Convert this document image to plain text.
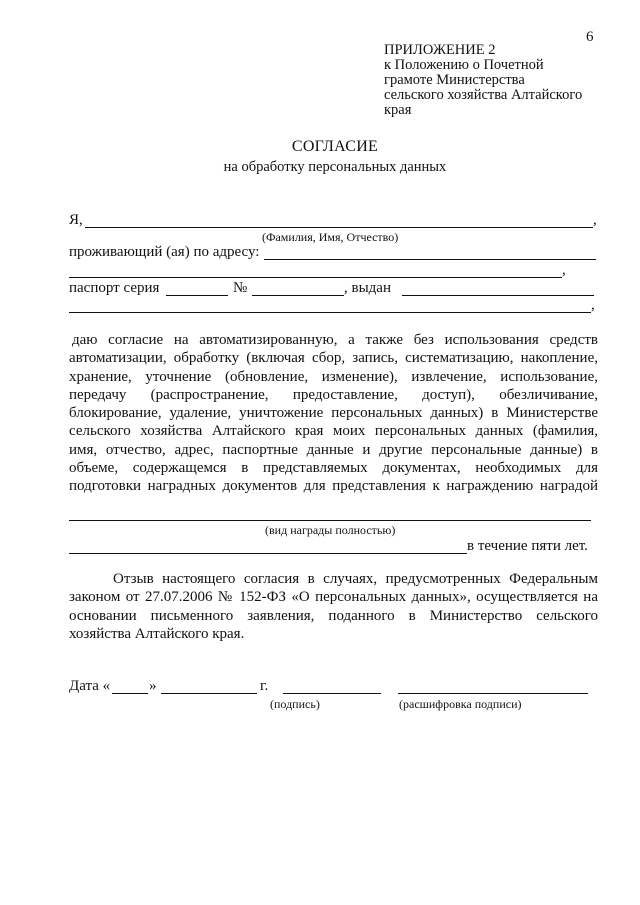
6
ПРИЛОЖЕНИЕ 2
к Положению о Почетной
грамоте Министерства
сельского хозяйства Алтайского
края
СОГЛАСИЕ
на обработку персональных данных
Я,	,
(Фамилия, Имя, Отчество)
проживающий (ая) по адресу:
,
паспорт серия	№	, выдан
,
даю согласие на автоматизированную, а также без использования средств
автоматизации, обработку (включая сбор, запись, систематизацию, накопление,
хранение, уточнение (обновление, изменение), извлечение, использование,
передачу (распространение, предоставление, доступ), обезличивание,
блокирование, удаление, уничтожение персональных данных) в Министерстве
сельского хозяйства Алтайского края моих персональных данных (фамилия,
имя, отчество, адрес, паспортные данные и другие персональные данные) в
объеме, содержащемся в представляемых документах, необходимых для
подготовки наградных документов для представления к награждению наградой
(вид награды полностью)
в течение пяти лет.
Отзыв настоящего согласия в случаях, предусмотренных Федеральным
законом от 27.07.2006 № 152-ФЗ «О персональных данных», осуществляется на
основании письменного заявления, поданного в Министерство сельского
хозяйства Алтайского края.
Дата «	»	г.
(подпись)	(расшифровка подписи)
